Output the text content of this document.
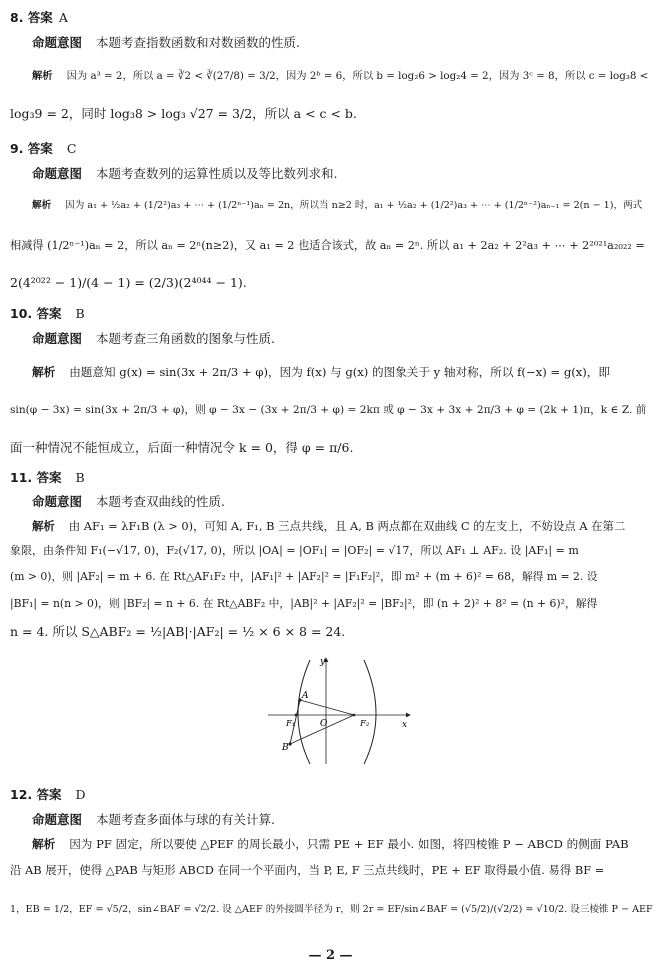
8. 答案 A
命题意图 本题考查指数函数和对数函数的性质.
解析 因为 a³ = 2，所以 a = ∛2 < ∛(27/8) = 3/2，因为 2ᵇ = 6，所以 b = log₂6 > log₂4 = 2，因为 3ᶜ = 8，所以 c = log₃8 <
log₃9 = 2，同时 log₃8 > log₃ √27 = 3/2，所以 a < c < b.
9. 答案 C
命题意图 本题考查数列的运算性质以及等比数列求和.
解析 因为 a₁ + ½a₂ + (1/2²)a₃ + ⋯ + (1/2ⁿ⁻¹)aₙ = 2n，所以当 n≥2 时，a₁ + ½a₂ + (1/2²)a₃ + ⋯ + (1/2ⁿ⁻²)aₙ₋₁ = 2(n − 1)，两式
相减得 (1/2ⁿ⁻¹)aₙ = 2，所以 aₙ = 2ⁿ(n≥2)，又 a₁ = 2 也适合该式，故 aₙ = 2ⁿ. 所以 a₁ + 2a₂ + 2²a₃ + ⋯ + 2²⁰²¹a₂₀₂₂ =
2(4²⁰²² − 1)/(4 − 1) = (2/3)(2⁴⁰⁴⁴ − 1).
10. 答案 B
命题意图 本题考查三角函数的图象与性质.
解析 由题意知 g(x) = sin(3x + 2π/3 + φ)，因为 f(x) 与 g(x) 的图象关于 y 轴对称，所以 f(−x) = g(x)，即
sin(φ − 3x) = sin(3x + 2π/3 + φ)，则 φ − 3x − (3x + 2π/3 + φ) = 2kπ 或 φ − 3x + 3x + 2π/3 + φ = (2k + 1)π，k ∈ Z. 前
面一种情况不能恒成立，后面一种情况令 k = 0，得 φ = π/6.
11. 答案 B
命题意图 本题考查双曲线的性质.
解析 由 AF₁ = λF₁B (λ > 0)，可知 A, F₁, B 三点共线，且 A, B 两点都在双曲线 C 的左支上，不妨设点 A 在第二
象限，由条件知 F₁(−√17, 0)，F₂(√17, 0)，所以 |OA| = |OF₁| = |OF₂| = √17，所以 AF₁ ⊥ AF₂. 设 |AF₁| = m
(m > 0)，则 |AF₂| = m + 6. 在 Rt△AF₁F₂ 中，|AF₁|² + |AF₂|² = |F₁F₂|²，即 m² + (m + 6)² = 68，解得 m = 2. 设
|BF₁| = n(n > 0)，则 |BF₂| = n + 6. 在 Rt△ABF₂ 中，|AB|² + |AF₂|² = |BF₂|²，即 (n + 2)² + 8² = (n + 6)²，解得
n = 4. 所以 S△ABF₂ = ½|AB|·|AF₂| = ½ × 6 × 8 = 24.
y
x
A
B
O
F₁	F₂
12. 答案 D
命题意图 本题考查多面体与球的有关计算.
解析 因为 PF 固定，所以要使 △PEF 的周长最小，只需 PE + EF 最小. 如图，将四棱锥 P − ABCD 的侧面 PAB
沿 AB 展开，使得 △PAB 与矩形 ABCD 在同一个平面内，当 P, E, F 三点共线时，PE + EF 取得最小值. 易得 BF =
1，EB = 1/2，EF = √5/2，sin∠BAF = √2/2. 设 △AEF 的外接圆半径为 r，则 2r = EF/sin∠BAF = (√5/2)/(√2/2) = √10/2. 设三棱锥 P − AEF
— 2 —
